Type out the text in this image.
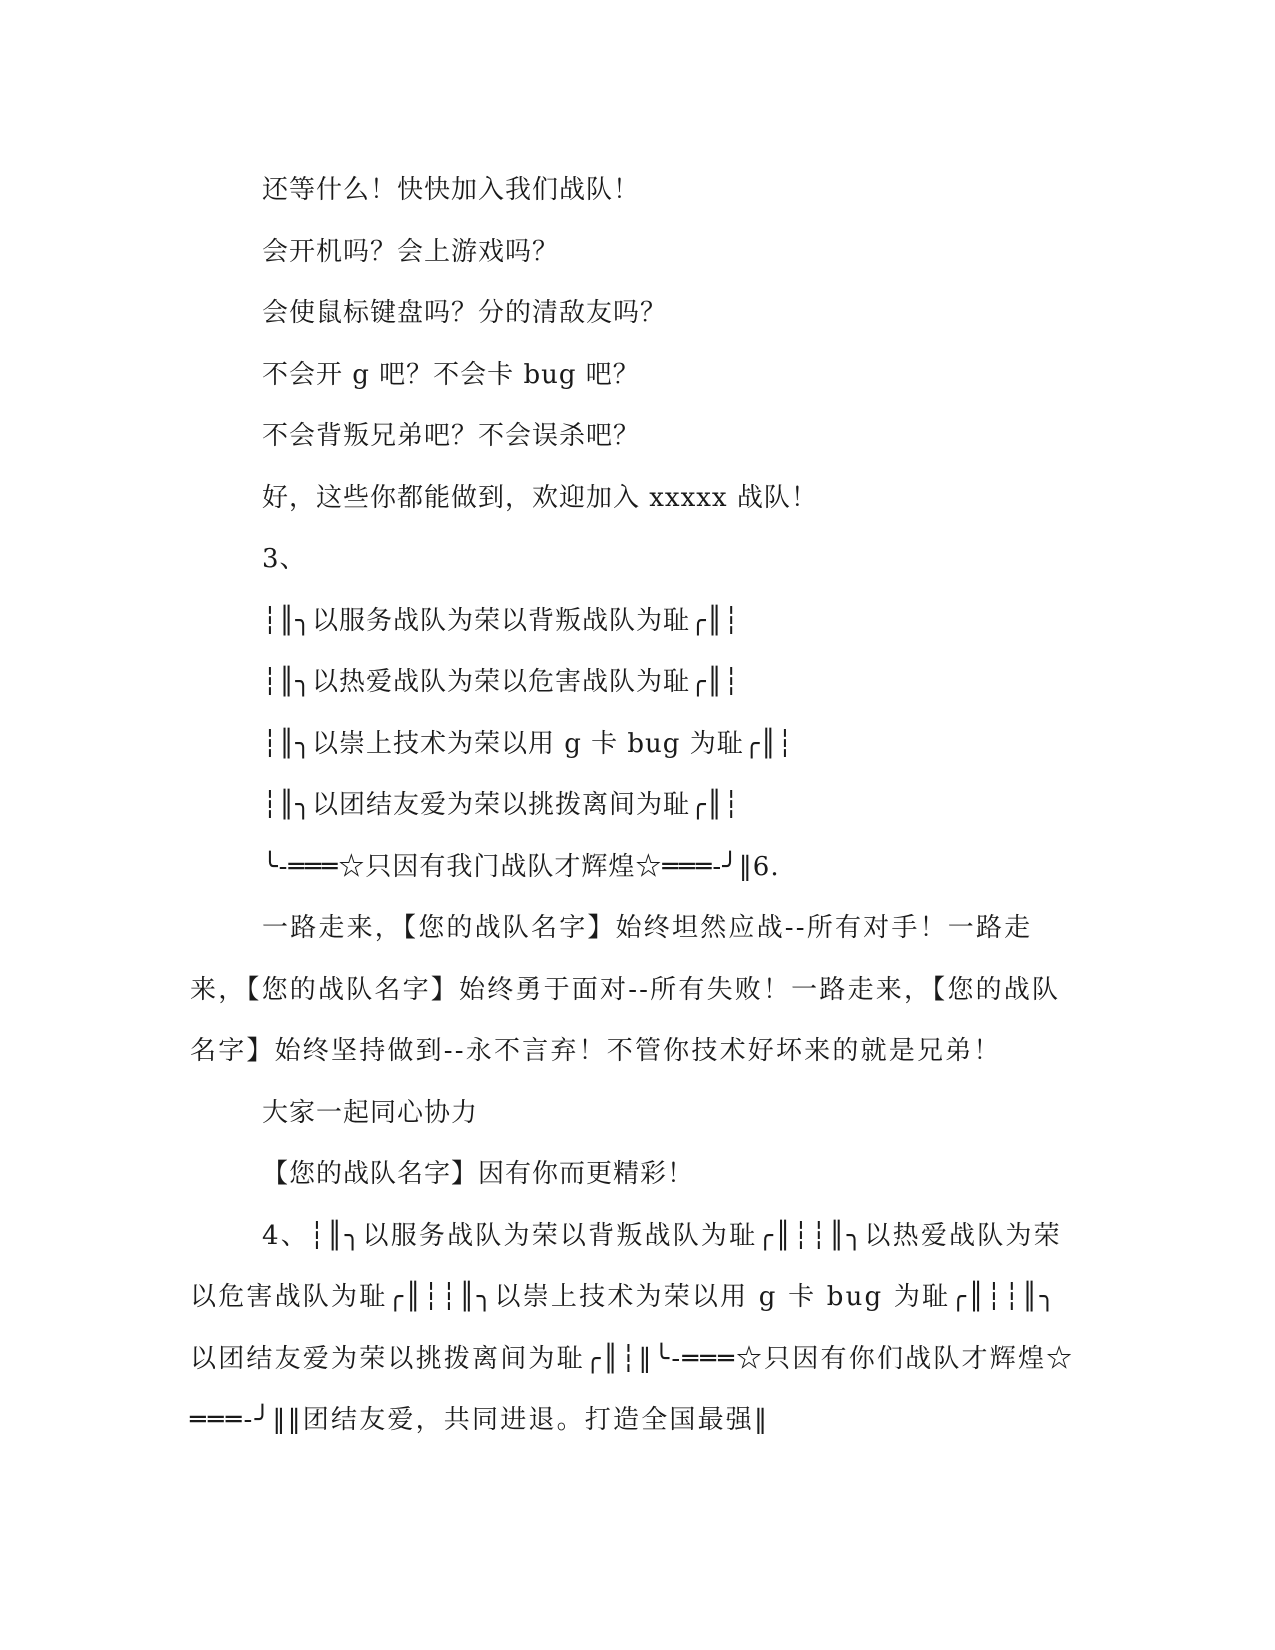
还等什么！快快加入我们战队！
会开机吗？会上游戏吗？
会使鼠标键盘吗？分的清敌友吗？
不会开 g 吧？不会卡 bug 吧？
不会背叛兄弟吧？不会误杀吧？
好，这些你都能做到，欢迎加入 xxxxx 战队！
3、
┆║╮以服务战队为荣以背叛战队为耻╭║┆
┆║╮以热爱战队为荣以危害战队为耻╭║┆
┆║╮以崇上技术为荣以用 g 卡 bug 为耻╭║┆
┆║╮以团结友爱为荣以挑拨离间为耻╭║┆
╰-═══☆只因有我门战队才辉煌☆═══-╯‖6.

一路走来，【您的战队名字】始终坦然应战--所有对手！一路走来，【您的战队名字】始终勇于面对--所有失败！一路走来，【您的战队名字】始终坚持做到--永不言弃！不管你技术好坏来的就是兄弟！

大家一起同心协力
【您的战队名字】因有你而更精彩！

4、┆║╮以服务战队为荣以背叛战队为耻╭║┆┆║╮以热爱战队为荣以危害战队为耻╭║┆┆║╮以崇上技术为荣以用 g 卡 bug 为耻╭║┆┆║╮以团结友爱为荣以挑拨离间为耻╭║┆‖╰-═══☆只因有你们战队才辉煌☆═══-╯‖‖团结友爱，共同进退。打造全国最强‖
